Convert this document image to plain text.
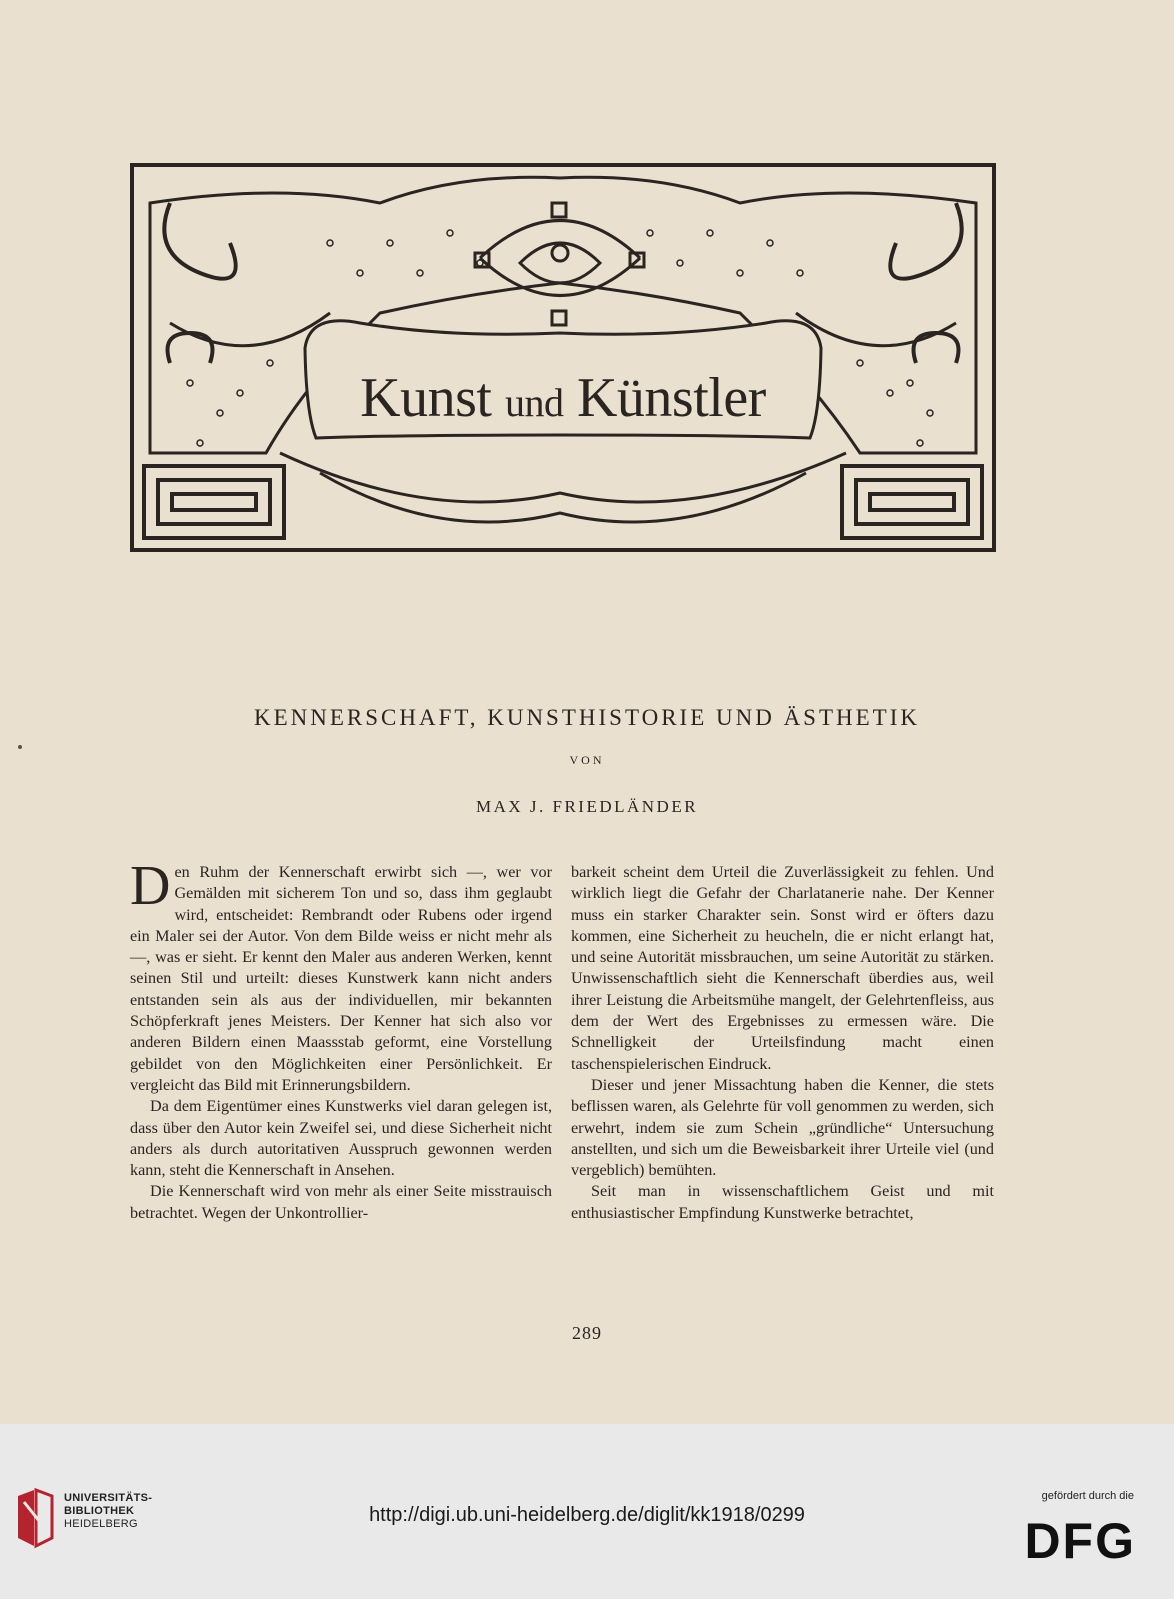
Kunst und Künstler
KENNERSCHAFT, KUNSTHISTORIE UND ÄSTHETIK
VON
MAX J. FRIEDLÄNDER

Den Ruhm der Kennerschaft erwirbt sich —, wer vor Gemälden mit sicherem Ton und so, dass ihm geglaubt wird, entscheidet: Rembrandt oder Rubens oder irgend ein Maler sei der Autor. Von dem Bilde weiss er nicht mehr als —, was er sieht. Er kennt den Maler aus anderen Werken, kennt seinen Stil und urteilt: dieses Kunstwerk kann nicht anders entstanden sein als aus der individuellen, mir bekannten Schöpferkraft jenes Meisters. Der Kenner hat sich also vor anderen Bildern einen Maassstab geformt, eine Vorstellung gebildet von den Möglichkeiten einer Persönlichkeit. Er vergleicht das Bild mit Erinnerungsbildern.

Da dem Eigentümer eines Kunstwerks viel daran gelegen ist, dass über den Autor kein Zweifel sei, und diese Sicherheit nicht anders als durch autoritativen Ausspruch gewonnen werden kann, steht die Kennerschaft in Ansehen.

Die Kennerschaft wird von mehr als einer Seite misstrauisch betrachtet. Wegen der Unkontrollier-

barkeit scheint dem Urteil die Zuverlässigkeit zu fehlen. Und wirklich liegt die Gefahr der Charlatanerie nahe. Der Kenner muss ein starker Charakter sein. Sonst wird er öfters dazu kommen, eine Sicherheit zu heucheln, die er nicht erlangt hat, und seine Autorität missbrauchen, um seine Autorität zu stärken. Unwissenschaftlich sieht die Kennerschaft überdies aus, weil ihrer Leistung die Arbeitsmühe mangelt, der Gelehrtenfleiss, aus dem der Wert des Ergebnisses zu ermessen wäre. Die Schnelligkeit der Urteilsfindung macht einen taschenspielerischen Eindruck.

Dieser und jener Missachtung haben die Kenner, die stets beflissen waren, als Gelehrte für voll genommen zu werden, sich erwehrt, indem sie zum Schein „gründliche“ Untersuchung anstellten, und sich um die Beweisbarkeit ihrer Urteile viel (und vergeblich) bemühten.

Seit man in wissenschaftlichem Geist und mit enthusiastischer Empfindung Kunstwerke betrachtet,

289
UNIVERSITÄTS-
BIBLIOTHEK
HEIDELBERG	http://digi.ub.uni-heidelberg.de/diglit/kk1918/0299
gefördert durch die
DFG
